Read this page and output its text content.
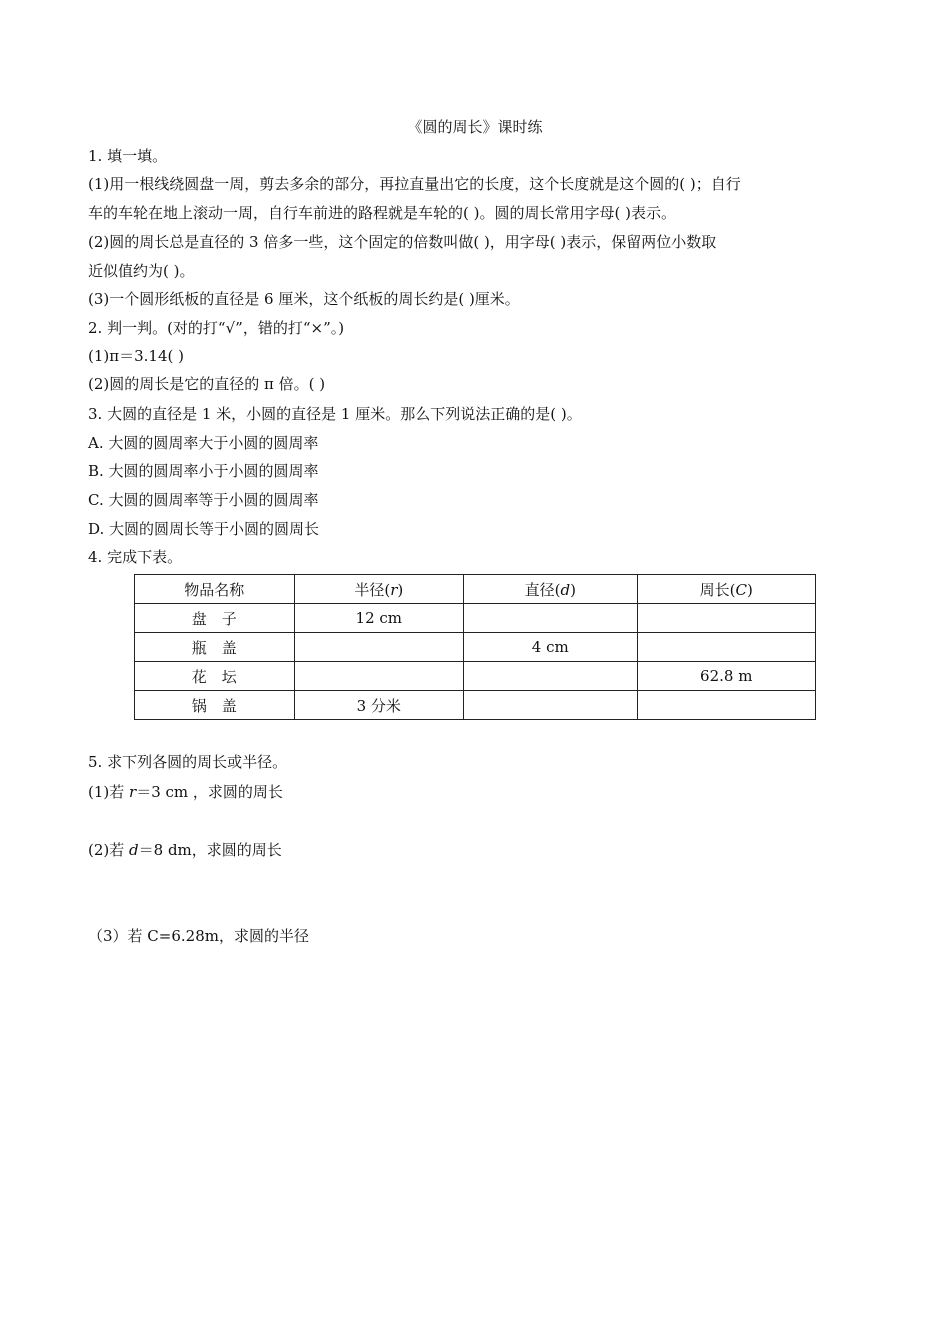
《圆的周长》课时练
1. 填一填。
(1)用一根线绕圆盘一周，剪去多余的部分，再拉直量出它的长度，这个长度就是这个圆的( )；自行
车的车轮在地上滚动一周，自行车前进的路程就是车轮的( )。圆的周长常用字母( )表示。
(2)圆的周长总是直径的 3 倍多一些，这个固定的倍数叫做( )，用字母( )表示，保留两位小数取
近似值约为( )。
(3)一个圆形纸板的直径是 6 厘米，这个纸板的周长约是( )厘米。
2. 判一判。(对的打“√”，错的打“×”。)
(1)π＝3.14( )
(2)圆的周长是它的直径的 π 倍。( )
3. 大圆的直径是 1 米，小圆的直径是 1 厘米。那么下列说法正确的是( )。
A. 大圆的圆周率大于小圆的圆周率
B. 大圆的圆周率小于小圆的圆周率
C. 大圆的圆周率等于小圆的圆周率
D. 大圆的圆周长等于小圆的圆周长
4. 完成下表。
物品名称	半径(r)	直径(d)	周长(C)
盘　子	12 cm		
瓶　盖		4 cm	
花　坛			62.8 m
锅　盖	3 分米		
5. 求下列各圆的周长或半径。
(1)若 r＝3 cm ，求圆的周长
(2)若 d＝8 dm，求圆的周长
（3）若 C=6.28m，求圆的半径
